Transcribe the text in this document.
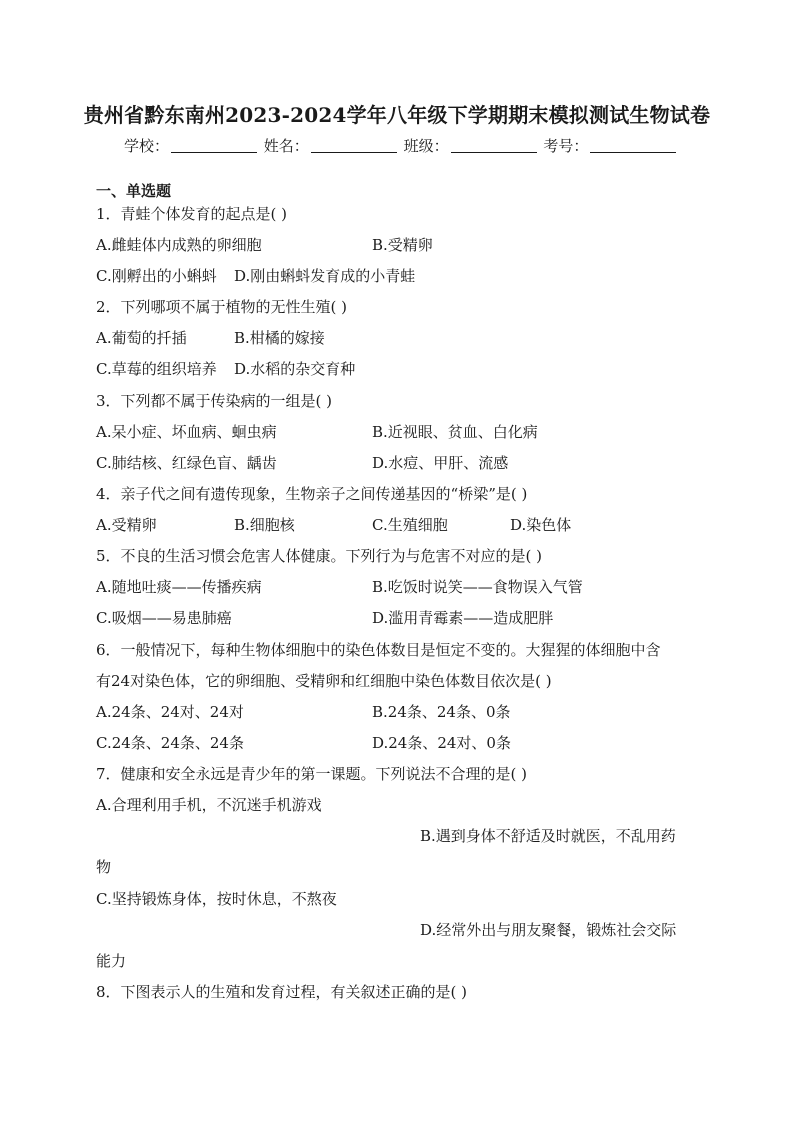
贵州省黔东南州2023-2024学年八年级下学期期末模拟测试生物试卷
学校：	姓名：	班级：	考号：
一、单选题
1．青蛙个体发育的起点是( )
A.雌蛙体内成熟的卵细胞	B.受精卵
C.刚孵出的小蝌蚪 D.刚由蝌蚪发育成的小青蛙
2．下列哪项不属于植物的无性生殖( )
A.葡萄的扦插	B.柑橘的嫁接
C.草莓的组织培养 D.水稻的杂交育种
3．下列都不属于传染病的一组是( )
A.呆小症、坏血病、蛔虫病	B.近视眼、贫血、白化病
C.肺结核、红绿色盲、龋齿	D.水痘、甲肝、流感
4．亲子代之间有遗传现象，生物亲子之间传递基因的“桥梁”是( )
A.受精卵	B.细胞核	C.生殖细胞	D.染色体
5．不良的生活习惯会危害人体健康。下列行为与危害不对应的是( )
A.随地吐痰——传播疾病	B.吃饭时说笑——食物误入气管
C.吸烟——易患肺癌	D.滥用青霉素——造成肥胖
6．一般情况下，每种生物体细胞中的染色体数目是恒定不变的。大猩猩的体细胞中含
有24对染色体，它的卵细胞、受精卵和红细胞中染色体数目依次是( )
A.24条、24对、24对	B.24条、24条、0条
C.24条、24条、24条	D.24条、24对、0条
7．健康和安全永远是青少年的第一课题。下列说法不合理的是( )
A.合理利用手机，不沉迷手机游戏
B.遇到身体不舒适及时就医，不乱用药
物
C.坚持锻炼身体，按时休息，不熬夜
D.经常外出与朋友聚餐，锻炼社会交际
能力
8．下图表示人的生殖和发育过程，有关叙述正确的是( )
